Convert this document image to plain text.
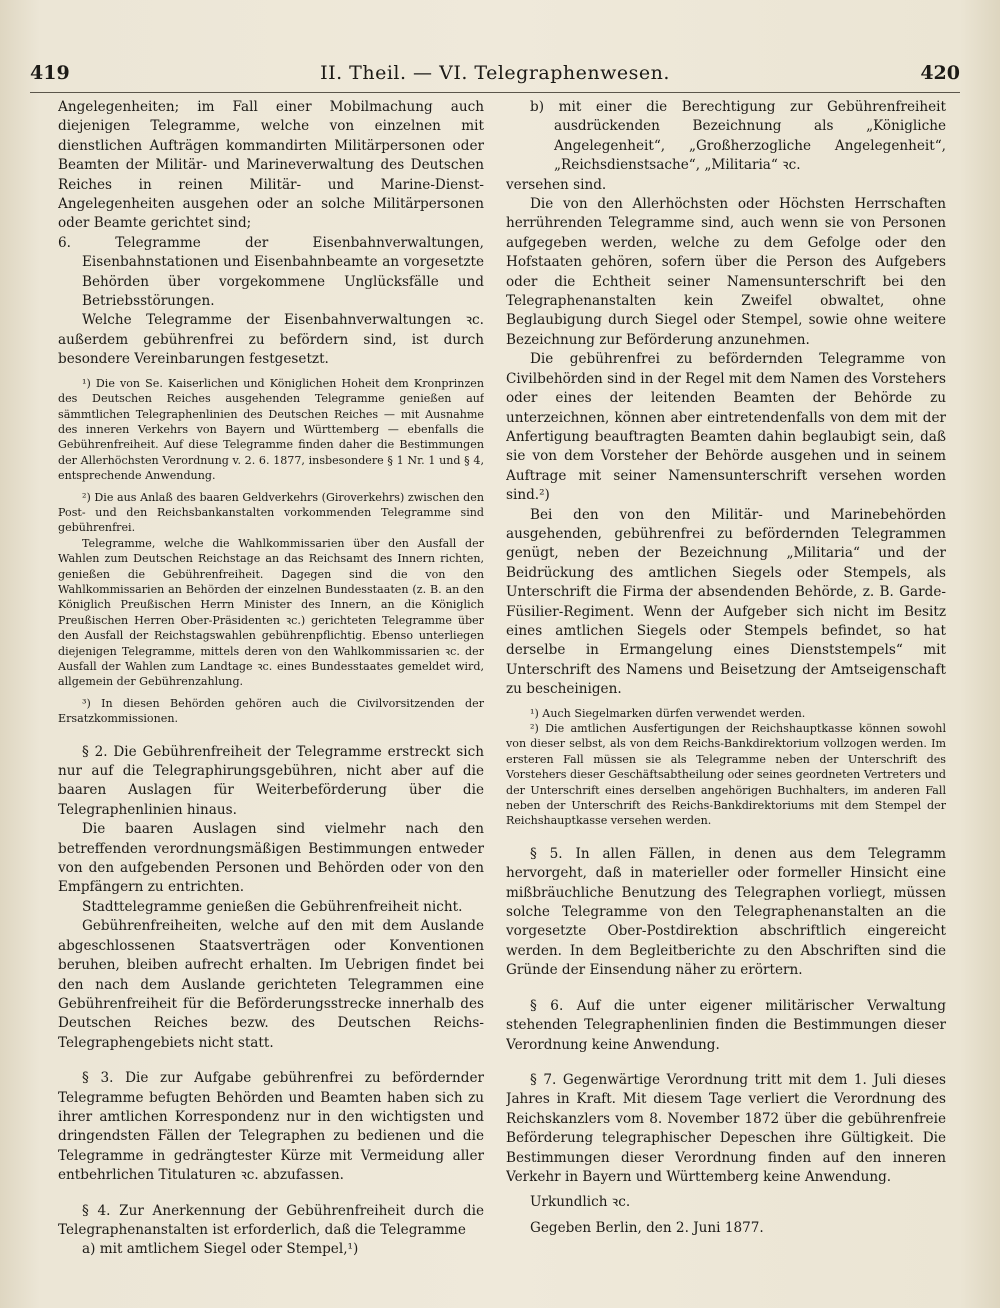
419	II. Theil. — VI. Telegraphenwesen.	420

Angelegenheiten; im Fall einer Mobilmachung auch diejenigen Telegramme, welche von einzelnen mit dienstlichen Aufträgen kommandirten Militärpersonen oder Beamten der Militär- und Marineverwaltung des Deutschen Reiches in reinen Militär- und Marine-Dienst-Angelegenheiten ausgehen oder an solche Militärpersonen oder Beamte gerichtet sind;

6. Telegramme der Eisenbahnverwaltungen, Eisenbahnstationen und Eisenbahnbeamte an vorgesetzte Behörden über vorgekommene Unglücksfälle und Betriebsstörungen.

Welche Telegramme der Eisenbahnverwaltungen ꝛc. außerdem gebührenfrei zu befördern sind, ist durch besondere Vereinbarungen festgesetzt.

¹) Die von Se. Kaiserlichen und Königlichen Hoheit dem Kronprinzen des Deutschen Reiches ausgehenden Telegramme genießen auf sämmtlichen Telegraphenlinien des Deutschen Reiches — mit Ausnahme des inneren Verkehrs von Bayern und Württemberg — ebenfalls die Gebührenfreiheit. Auf diese Telegramme finden daher die Bestimmungen der Allerhöchsten Verordnung v. 2. 6. 1877, insbesondere § 1 Nr. 1 und § 4, entsprechende Anwendung.

²) Die aus Anlaß des baaren Geldverkehrs (Giroverkehrs) zwischen den Post- und den Reichsbankanstalten vorkommenden Telegramme sind gebührenfrei.

Telegramme, welche die Wahlkommissarien über den Ausfall der Wahlen zum Deutschen Reichstage an das Reichsamt des Innern richten, genießen die Gebührenfreiheit. Dagegen sind die von den Wahlkommissarien an Behörden der einzelnen Bundesstaaten (z. B. an den Königlich Preußischen Herrn Minister des Innern, an die Königlich Preußischen Herren Ober-Präsidenten ꝛc.) gerichteten Telegramme über den Ausfall der Reichstagswahlen gebührenpflichtig. Ebenso unterliegen diejenigen Telegramme, mittels deren von den Wahlkommissarien ꝛc. der Ausfall der Wahlen zum Landtage ꝛc. eines Bundesstaates gemeldet wird, allgemein der Gebührenzahlung.

³) In diesen Behörden gehören auch die Civilvorsitzenden der Ersatzkommissionen.

§ 2. Die Gebührenfreiheit der Telegramme erstreckt sich nur auf die Telegraphirungsgebühren, nicht aber auf die baaren Auslagen für Weiterbeförderung über die Telegraphenlinien hinaus.

Die baaren Auslagen sind vielmehr nach den betreffenden verordnungsmäßigen Bestimmungen entweder von den aufgebenden Personen und Behörden oder von den Empfängern zu entrichten.

Stadttelegramme genießen die Gebührenfreiheit nicht.

Gebührenfreiheiten, welche auf den mit dem Auslande abgeschlossenen Staatsverträgen oder Konventionen beruhen, bleiben aufrecht erhalten. Im Uebrigen findet bei den nach dem Auslande gerichteten Telegrammen eine Gebührenfreiheit für die Beförderungsstrecke innerhalb des Deutschen Reiches bezw. des Deutschen Reichs-Telegraphengebiets nicht statt.

§ 3. Die zur Aufgabe gebührenfrei zu befördernder Telegramme befugten Behörden und Beamten haben sich zu ihrer amtlichen Korrespondenz nur in den wichtigsten und dringendsten Fällen der Telegraphen zu bedienen und die Telegramme in gedrängtester Kürze mit Vermeidung aller entbehrlichen Titulaturen ꝛc. abzufassen.

§ 4. Zur Anerkennung der Gebührenfreiheit durch die Telegraphenanstalten ist erforderlich, daß die Telegramme

a) mit amtlichem Siegel oder Stempel,¹)

b) mit einer die Berechtigung zur Gebührenfreiheit ausdrückenden Bezeichnung als „Königliche Angelegenheit“, „Großherzogliche Angelegenheit“, „Reichsdienstsache“, „Militaria“ ꝛc.

versehen sind.

Die von den Allerhöchsten oder Höchsten Herrschaften herrührenden Telegramme sind, auch wenn sie von Personen aufgegeben werden, welche zu dem Gefolge oder den Hofstaaten gehören, sofern über die Person des Aufgebers oder die Echtheit seiner Namensunterschrift bei den Telegraphenanstalten kein Zweifel obwaltet, ohne Beglaubigung durch Siegel oder Stempel, sowie ohne weitere Bezeichnung zur Beförderung anzunehmen.

Die gebührenfrei zu befördernden Telegramme von Civilbehörden sind in der Regel mit dem Namen des Vorstehers oder eines der leitenden Beamten der Behörde zu unterzeichnen, können aber eintretendenfalls von dem mit der Anfertigung beauftragten Beamten dahin beglaubigt sein, daß sie von dem Vorsteher der Behörde ausgehen und in seinem Auftrage mit seiner Namensunterschrift versehen worden sind.²)

Bei den von den Militär- und Marinebehörden ausgehenden, gebührenfrei zu befördernden Telegrammen genügt, neben der Bezeichnung „Militaria“ und der Beidrückung des amtlichen Siegels oder Stempels, als Unterschrift die Firma der absendenden Behörde, z. B. Garde-Füsilier-Regiment. Wenn der Aufgeber sich nicht im Besitz eines amtlichen Siegels oder Stempels befindet, so hat derselbe in Ermangelung eines Dienststempels“ mit Unterschrift des Namens und Beisetzung der Amtseigenschaft zu bescheinigen.

¹) Auch Siegelmarken dürfen verwendet werden.

²) Die amtlichen Ausfertigungen der Reichshauptkasse können sowohl von dieser selbst, als von dem Reichs-Bankdirektorium vollzogen werden. Im ersteren Fall müssen sie als Telegramme neben der Unterschrift des Vorstehers dieser Geschäftsabtheilung oder seines geordneten Vertreters und der Unterschrift eines derselben angehörigen Buchhalters, im anderen Fall neben der Unterschrift des Reichs-Bankdirektoriums mit dem Stempel der Reichshauptkasse versehen werden.

§ 5. In allen Fällen, in denen aus dem Telegramm hervorgeht, daß in materieller oder formeller Hinsicht eine mißbräuchliche Benutzung des Telegraphen vorliegt, müssen solche Telegramme von den Telegraphenanstalten an die vorgesetzte Ober-Postdirektion abschriftlich eingereicht werden. In dem Begleitberichte zu den Abschriften sind die Gründe der Einsendung näher zu erörtern.

§ 6. Auf die unter eigener militärischer Verwaltung stehenden Telegraphenlinien finden die Bestimmungen dieser Verordnung keine Anwendung.

§ 7. Gegenwärtige Verordnung tritt mit dem 1. Juli dieses Jahres in Kraft. Mit diesem Tage verliert die Verordnung des Reichskanzlers vom 8. November 1872 über die gebührenfreie Beförderung telegraphischer Depeschen ihre Gültigkeit. Die Bestimmungen dieser Verordnung finden auf den inneren Verkehr in Bayern und Württemberg keine Anwendung.

Urkundlich ꝛc.

Gegeben Berlin, den 2. Juni 1877.
